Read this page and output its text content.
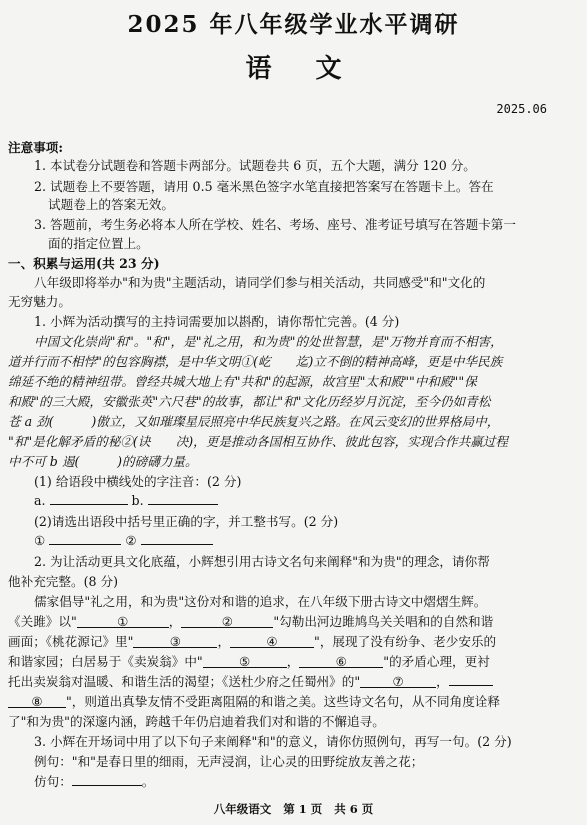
2025 年八年级学业水平调研
语 文
2025.06
注意事项:
1. 本试卷分试题卷和答题卡两部分。试题卷共 6 页，五个大题，满分 120 分。
2. 试题卷上不要答题，请用 0.5 毫米黑色签字水笔直接把答案写在答题卡上。答在
试题卷上的答案无效。
3. 答题前，考生务必将本人所在学校、姓名、考场、座号、准考证号填写在答题卡第一
面的指定位置上。
一、积累与运用(共 23 分)
八年级即将举办"和为贵"主题活动，请同学们参与相关活动，共同感受"和"文化的
无穷魅力。
1. 小辉为活动撰写的主持词需要加以斟酌，请你帮忙完善。(4 分)
中国文化崇尚"和"。"和"，是"礼之用，和为贵"的处世智慧，是"万物并育而不相害，
道并行而不相悖"的包容胸襟，是中华文明①(屹　　迄)立不倒的精神高峰，更是中华民族
绵延不绝的精神纽带。曾经共城大地上有"共和"的起源，故宫里"太和殿""中和殿""保
和殿"的三大殿，安徽张英"六尺巷"的故事，都让"和"文化历经岁月沉淀，至今仍如青松
苍 a 劲(　　　)傲立，又如璀璨星辰照亮中华民族复兴之路。在风云变幻的世界格局中，
"和"是化解矛盾的秘②(诀　　决)，更是推动各国相互协作、彼此包容，实现合作共赢过程
中不可 b 遏(　　　)的磅礴力量。
(1) 给语段中横线处的字注音：(2 分)
a.	b.
(2)请选出语段中括号里正确的字，并工整书写。(2 分)
①	②
2. 为让活动更具文化底蕴，小辉想引用古诗文名句来阐释"和为贵"的理念，请你帮
他补充完整。(8 分)
儒家倡导"礼之用，和为贵"这份对和谐的追求，在八年级下册古诗文中熠熠生辉。
《关雎》以"	①	，	②	"勾勒出河边雎鸠鸟关关唱和的自然和谐
画面；《桃花源记》里"	③	，	④	"，展现了没有纷争、老少安乐的
和谐家园；白居易于《卖炭翁》中"	⑤	，	⑥	"的矛盾心理，更衬
托出卖炭翁对温暖、和谐生活的渴望；《送杜少府之任蜀州》的"	⑦	，
⑧ "，则道出真挚友情不受距离阻隔的和谐之美。这些诗文名句，从不同角度诠释
了"和为贵"的深邃内涵，跨越千年仍启迪着我们对和谐的不懈追寻。
3. 小辉在开场词中用了以下句子来阐释"和"的意义，请你仿照例句，再写一句。(2 分)
例句："和"是春日里的细雨，无声浸润，让心灵的田野绽放友善之花；
仿句：	。
八年级语文 第 1 页 共 6 页
